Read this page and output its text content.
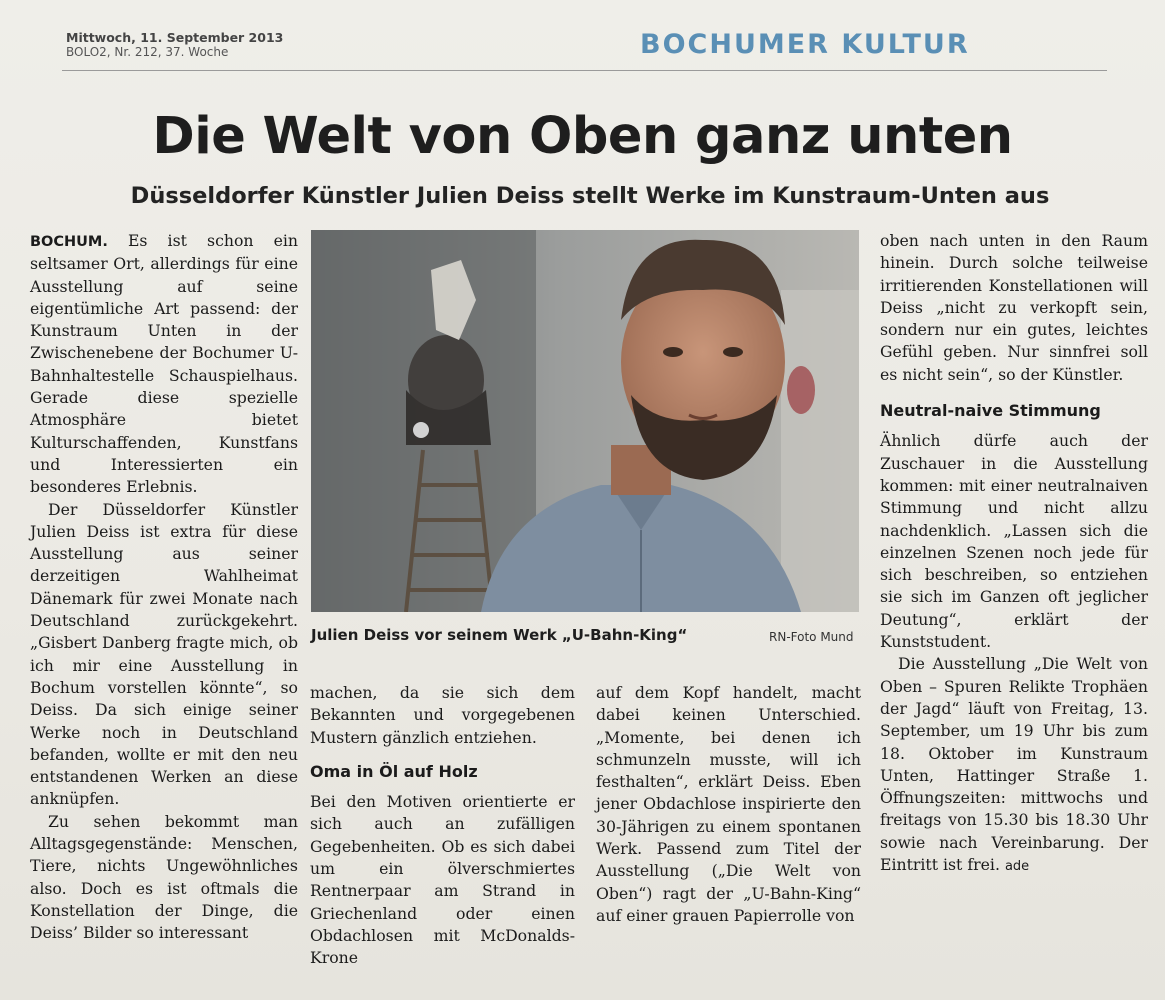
Mittwoch, 11. September 2013
BOLO2, Nr. 212, 37. Woche	BOCHUMER KULTUR
Die Welt von Oben ganz unten
Düsseldorfer Künstler Julien Deiss stellt Werke im Kunstraum-Unten aus

BOCHUM. Es ist schon ein seltsamer Ort, allerdings für eine Ausstellung auf seine eigentümliche Art passend: der Kunstraum Unten in der Zwischenebene der Bochumer U-Bahnhaltestelle Schauspielhaus. Gerade diese spezielle Atmosphäre bietet Kulturschaffenden, Kunstfans und Interessierten ein besonderes Erlebnis.

Der Düsseldorfer Künstler Julien Deiss ist extra für diese Ausstellung aus seiner derzeitigen Wahlheimat Dänemark für zwei Monate nach Deutschland zurückgekehrt. „Gisbert Danberg fragte mich, ob ich mir eine Ausstellung in Bochum vorstellen könnte“, so Deiss. Da sich einige seiner Werke noch in Deutschland befanden, wollte er mit den neu entstandenen Werken an diese anknüpfen.

Zu sehen bekommt man Alltagsgegenstände: Menschen, Tiere, nichts Ungewöhnliches also. Doch es ist oftmals die Konstellation der Dinge, die Deiss’ Bilder so interessant

Julien Deiss vor seinem Werk „U-Bahn-King“	RN-Foto Mund

machen, da sie sich dem Bekannten und vorgegebenen Mustern gänzlich entziehen.

Oma in Öl auf Holz

Bei den Motiven orientierte er sich auch an zufälligen Gegebenheiten. Ob es sich dabei um ein ölverschmiertes Rentnerpaar am Strand in Griechenland oder einen Obdachlosen mit McDonalds-Krone

auf dem Kopf handelt, macht dabei keinen Unterschied. „Momente, bei denen ich schmunzeln musste, will ich festhalten“, erklärt Deiss. Eben jener Obdachlose inspirierte den 30-Jährigen zu einem spontanen Werk. Passend zum Titel der Ausstellung („Die Welt von Oben“) ragt der „U-Bahn-King“ auf einer grauen Papierrolle von

oben nach unten in den Raum hinein. Durch solche teilweise irritierenden Konstellationen will Deiss „nicht zu verkopft sein, sondern nur ein gutes, leichtes Gefühl geben. Nur sinnfrei soll es nicht sein“, so der Künstler.

Neutral-naive Stimmung

Ähnlich dürfe auch der Zuschauer in die Ausstellung kommen: mit einer neutralnaiven Stimmung und nicht allzu nachdenklich. „Lassen sich die einzelnen Szenen noch jede für sich beschreiben, so entziehen sie sich im Ganzen oft jeglicher Deutung“, erklärt der Kunststudent.

Die Ausstellung „Die Welt von Oben – Spuren Relikte Trophäen der Jagd“ läuft von Freitag, 13. September, um 19 Uhr bis zum 18. Oktober im Kunstraum Unten, Hattinger Straße 1. Öffnungszeiten: mittwochs und freitags von 15.30 bis 18.30 Uhr sowie nach Vereinbarung. Der Eintritt ist frei. ade
